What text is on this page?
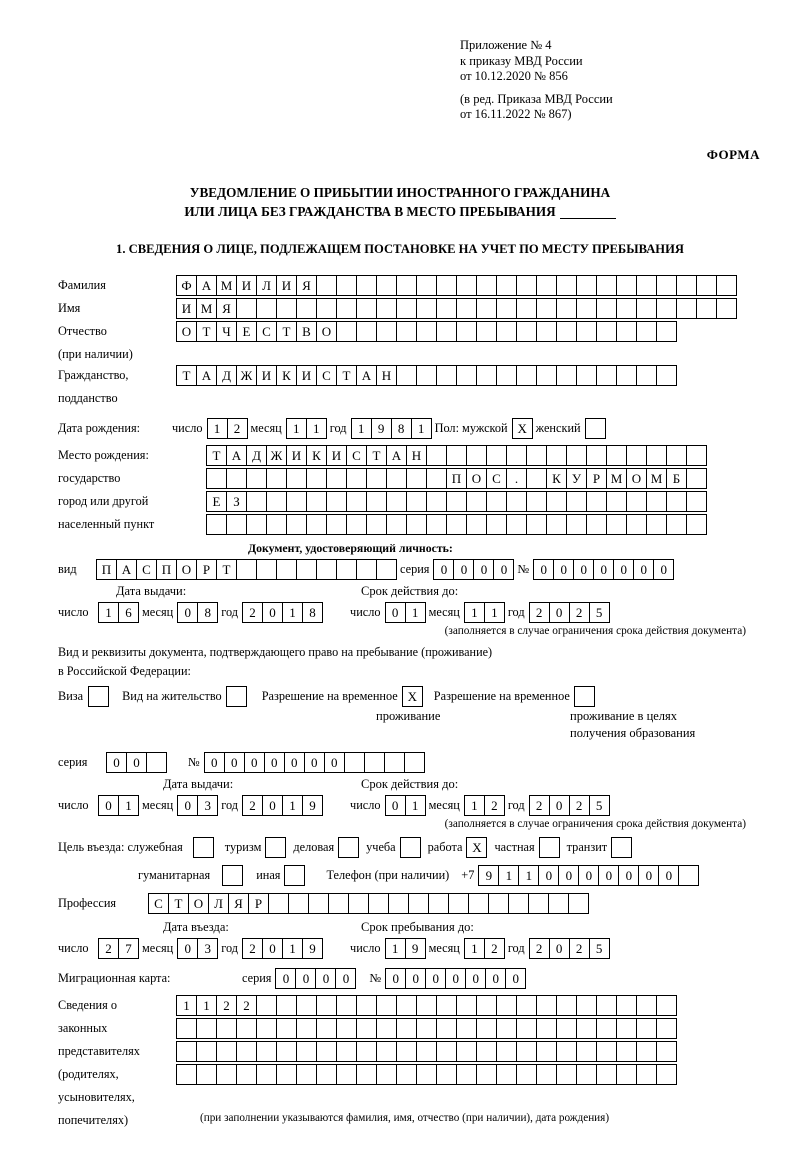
Приложение № 4
к приказу МВД России
от 10.12.2020 № 856
(в ред. Приказа МВД России
от 16.11.2022 № 867)
ФОРМА
УВЕДОМЛЕНИЕ О ПРИБЫТИИ ИНОСТРАННОГО ГРАЖДАНИНА
ИЛИ ЛИЦА БЕЗ ГРАЖДАНСТВА В МЕСТО ПРЕБЫВАНИЯ
1. СВЕДЕНИЯ О ЛИЦЕ, ПОДЛЕЖАЩЕМ ПОСТАНОВКЕ НА УЧЕТ ПО МЕСТУ ПРЕБЫВАНИЯ
Фамилия	Ф А М И Л И Я
Имя	И М Я
Отчество	О Т Ч Е С Т В О
(при наличии)
Гражданство,	Т А Д Ж И К И С Т А Н
подданство
Дата рождения:	число 1	2 месяц 1	1 год 1	9	8	1 Пол: мужской X женский
Место рождения:	Т А Д Ж И К И С Т А Н
государство	П О С	.	К У Р М О М Б
город или другой	Е З
населенный пункт
Документ, удостоверяющий личность:
вид	П А С П О Р Т	серия 0	0	0	0 № 0	0	0	0	0	0	0
Дата выдачи:	Срок действия до:
число	1	6 месяц 0	8 год 2	0	1	8	число 0	1 месяц 1	1 год 2	0	2	5
(заполняется в случае ограничения срока действия документа)
Вид и реквизиты документа, подтверждающего право на пребывание (проживание)
в Российской Федерации:
Виза	Вид на жительство	Разрешение на временное X	Разрешение на временное
проживание	проживание в целях
получения образования
серия	0	0	№ 0	0	0	0	0	0	0
Дата выдачи:	Срок действия до:
число	0	1 месяц 0	3 год 2	0	1	9	число 0	1 месяц 1	2 год 2	0	2	5
(заполняется в случае ограничения срока действия документа)
Цель въезда: служебная	туризм	деловая	учеба	работа X	частная	транзит
гуманитарная	иная	Телефон (при наличии) +7 9	1	1	0	0	0	0	0	0	0
Профессия	С Т О Л Я Р
Дата въезда:	Срок пребывания до:
число	2	7 месяц 0	3 год 2	0	1	9	число 1	9 месяц 1	2 год 2	0	2	5
Миграционная карта:	серия 0	0	0	0	№ 0	0	0	0	0	0	0
Сведения о	1	1	2	2
законных
представителях
(родителях,
усыновителях,
попечителях)	(при заполнении указываются фамилия, имя, отчество (при наличии), дата рождения)
